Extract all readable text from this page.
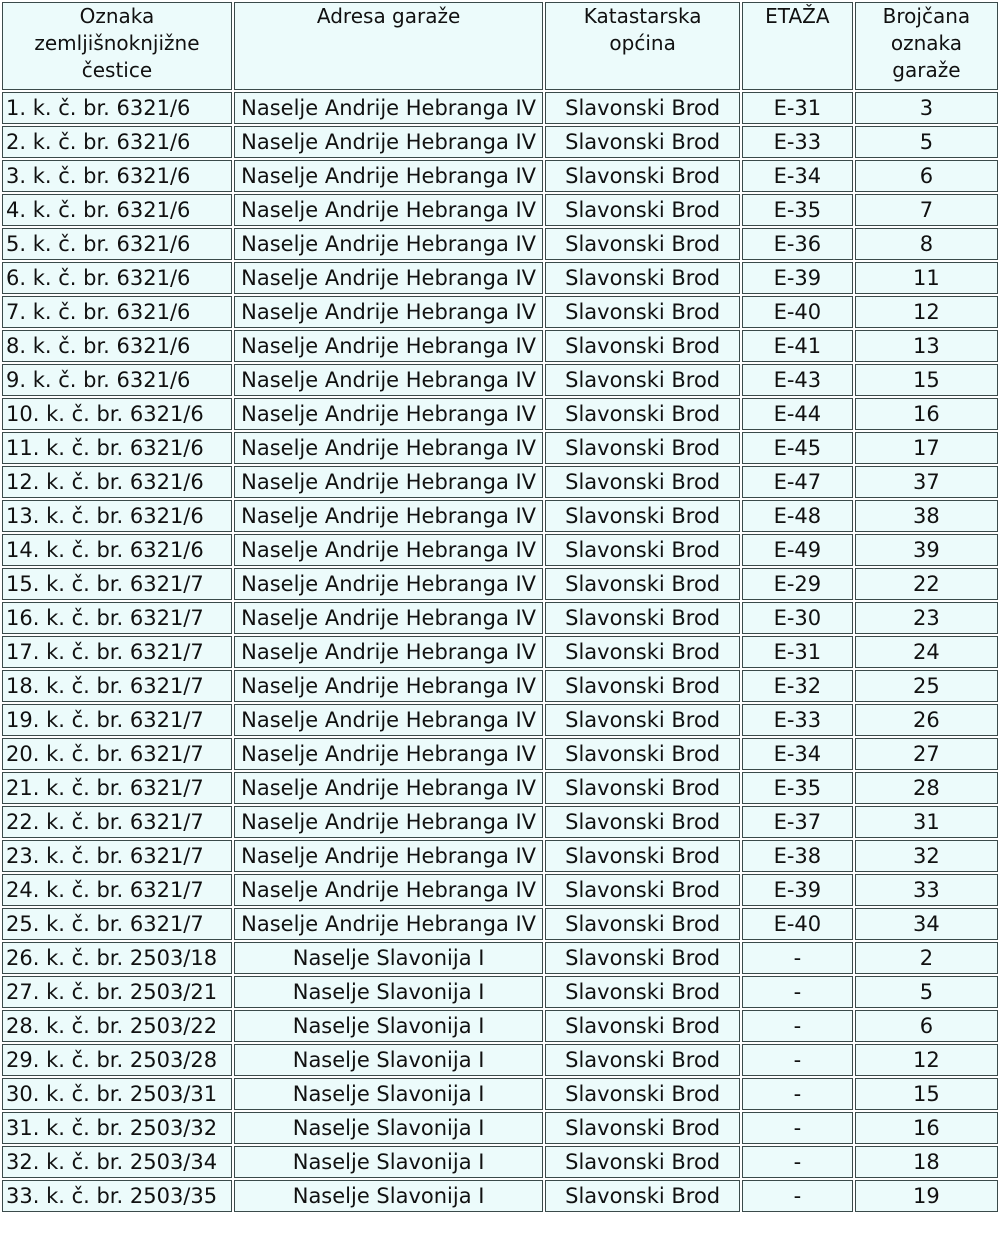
Oznaka zemljišnoknjižne čestice	Adresa garaže	Katastarska općina	ETAŽA	Brojčana oznaka garaže
1. k. č. br. 6321/6	Naselje Andrije Hebranga IV	Slavonski Brod	E-31	3
2. k. č. br. 6321/6	Naselje Andrije Hebranga IV	Slavonski Brod	E-33	5
3. k. č. br. 6321/6	Naselje Andrije Hebranga IV	Slavonski Brod	E-34	6
4. k. č. br. 6321/6	Naselje Andrije Hebranga IV	Slavonski Brod	E-35	7
5. k. č. br. 6321/6	Naselje Andrije Hebranga IV	Slavonski Brod	E-36	8
6. k. č. br. 6321/6	Naselje Andrije Hebranga IV	Slavonski Brod	E-39	11
7. k. č. br. 6321/6	Naselje Andrije Hebranga IV	Slavonski Brod	E-40	12
8. k. č. br. 6321/6	Naselje Andrije Hebranga IV	Slavonski Brod	E-41	13
9. k. č. br. 6321/6	Naselje Andrije Hebranga IV	Slavonski Brod	E-43	15
10. k. č. br. 6321/6	Naselje Andrije Hebranga IV	Slavonski Brod	E-44	16
11. k. č. br. 6321/6	Naselje Andrije Hebranga IV	Slavonski Brod	E-45	17
12. k. č. br. 6321/6	Naselje Andrije Hebranga IV	Slavonski Brod	E-47	37
13. k. č. br. 6321/6	Naselje Andrije Hebranga IV	Slavonski Brod	E-48	38
14. k. č. br. 6321/6	Naselje Andrije Hebranga IV	Slavonski Brod	E-49	39
15. k. č. br. 6321/7	Naselje Andrije Hebranga IV	Slavonski Brod	E-29	22
16. k. č. br. 6321/7	Naselje Andrije Hebranga IV	Slavonski Brod	E-30	23
17. k. č. br. 6321/7	Naselje Andrije Hebranga IV	Slavonski Brod	E-31	24
18. k. č. br. 6321/7	Naselje Andrije Hebranga IV	Slavonski Brod	E-32	25
19. k. č. br. 6321/7	Naselje Andrije Hebranga IV	Slavonski Brod	E-33	26
20. k. č. br. 6321/7	Naselje Andrije Hebranga IV	Slavonski Brod	E-34	27
21. k. č. br. 6321/7	Naselje Andrije Hebranga IV	Slavonski Brod	E-35	28
22. k. č. br. 6321/7	Naselje Andrije Hebranga IV	Slavonski Brod	E-37	31
23. k. č. br. 6321/7	Naselje Andrije Hebranga IV	Slavonski Brod	E-38	32
24. k. č. br. 6321/7	Naselje Andrije Hebranga IV	Slavonski Brod	E-39	33
25. k. č. br. 6321/7	Naselje Andrije Hebranga IV	Slavonski Brod	E-40	34
26. k. č. br. 2503/18	Naselje Slavonija I	Slavonski Brod	-	2
27. k. č. br. 2503/21	Naselje Slavonija I	Slavonski Brod	-	5
28. k. č. br. 2503/22	Naselje Slavonija I	Slavonski Brod	-	6
29. k. č. br. 2503/28	Naselje Slavonija I	Slavonski Brod	-	12
30. k. č. br. 2503/31	Naselje Slavonija I	Slavonski Brod	-	15
31. k. č. br. 2503/32	Naselje Slavonija I	Slavonski Brod	-	16
32. k. č. br. 2503/34	Naselje Slavonija I	Slavonski Brod	-	18
33. k. č. br. 2503/35	Naselje Slavonija I	Slavonski Brod	-	19
